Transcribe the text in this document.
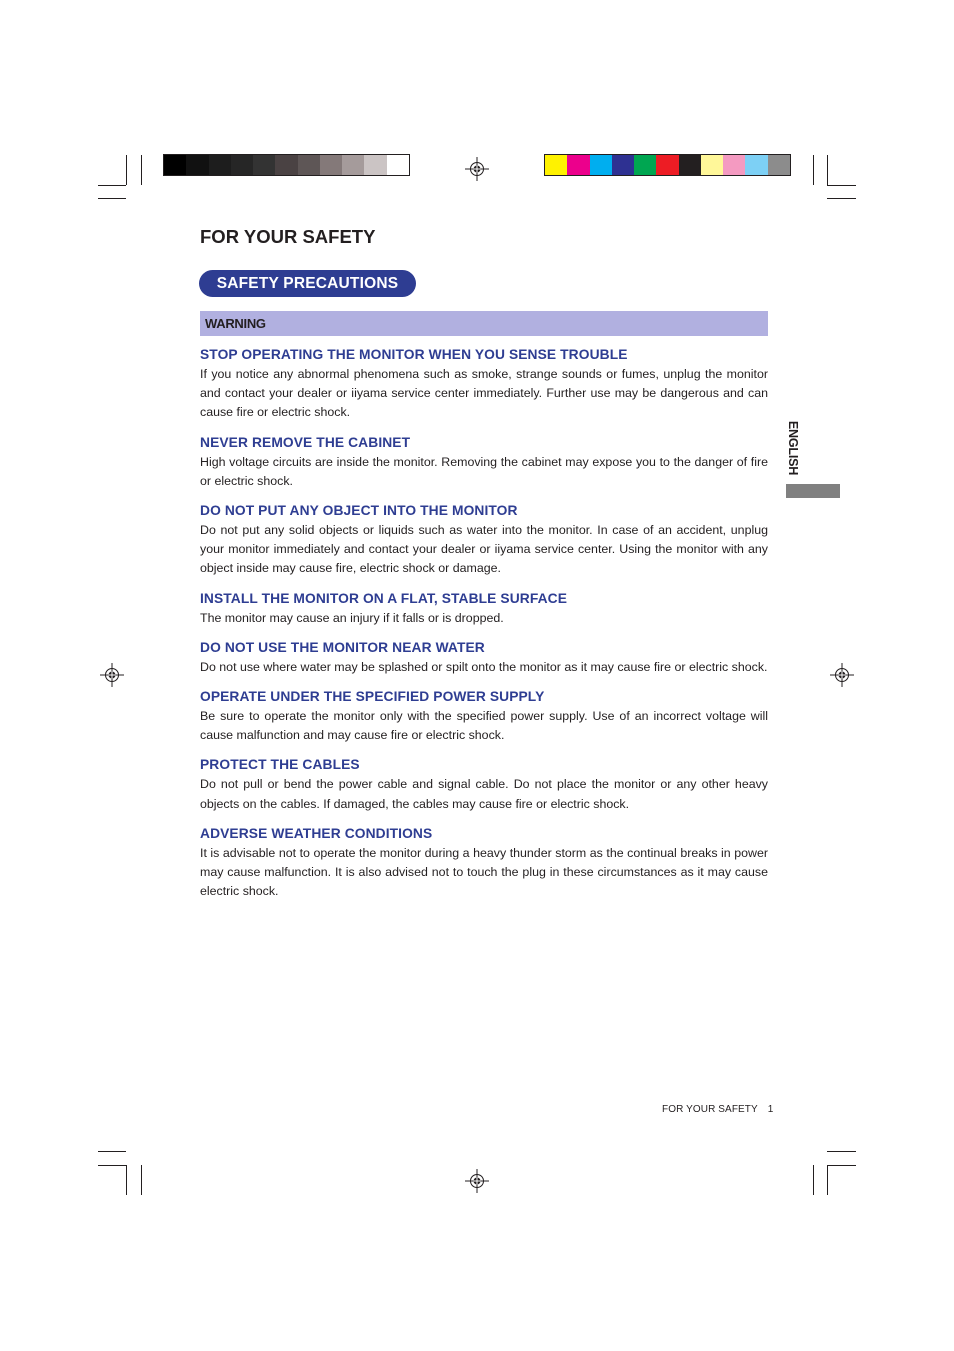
FOR YOUR SAFETY
SAFETY PRECAUTIONS
WARNING
STOP OPERATING THE MONITOR WHEN YOU SENSE TROUBLE

If you notice any abnormal phenomena such as smoke, strange sounds or fumes, unplug the monitor and contact your dealer or iiyama service center immediately. Further use may be dangerous and can cause fire or electric shock.

NEVER REMOVE THE CABINET

High voltage circuits are inside the monitor. Removing the cabinet may expose you to the danger of fire or electric shock.

DO NOT PUT ANY OBJECT INTO THE MONITOR

Do not put any solid objects or liquids such as water into the monitor. In case of an accident, unplug your monitor immediately and contact your dealer or iiyama service center. Using the monitor with any object inside may cause fire, electric shock or damage.

INSTALL THE MONITOR ON A FLAT, STABLE SURFACE

The monitor may cause an injury if it falls or is dropped.

DO NOT USE THE MONITOR NEAR WATER

Do not use where water may be splashed or spilt onto the monitor as it may cause fire or electric shock.

OPERATE UNDER THE SPECIFIED POWER SUPPLY

Be sure to operate the monitor only with the specified power supply. Use of an incorrect voltage will cause malfunction and may cause fire or electric shock.

PROTECT THE CABLES

Do not pull or bend the power cable and signal cable. Do not place the monitor or any other heavy objects on the cables. If damaged, the cables may cause fire or electric shock.

ADVERSE WEATHER CONDITIONS

It is advisable not to operate the monitor during a heavy thunder storm as the continual breaks in power may cause malfunction. It is also advised not to touch the plug in these circumstances as it may cause electric shock.

ENGLISH
FOR YOUR SAFETY 1
